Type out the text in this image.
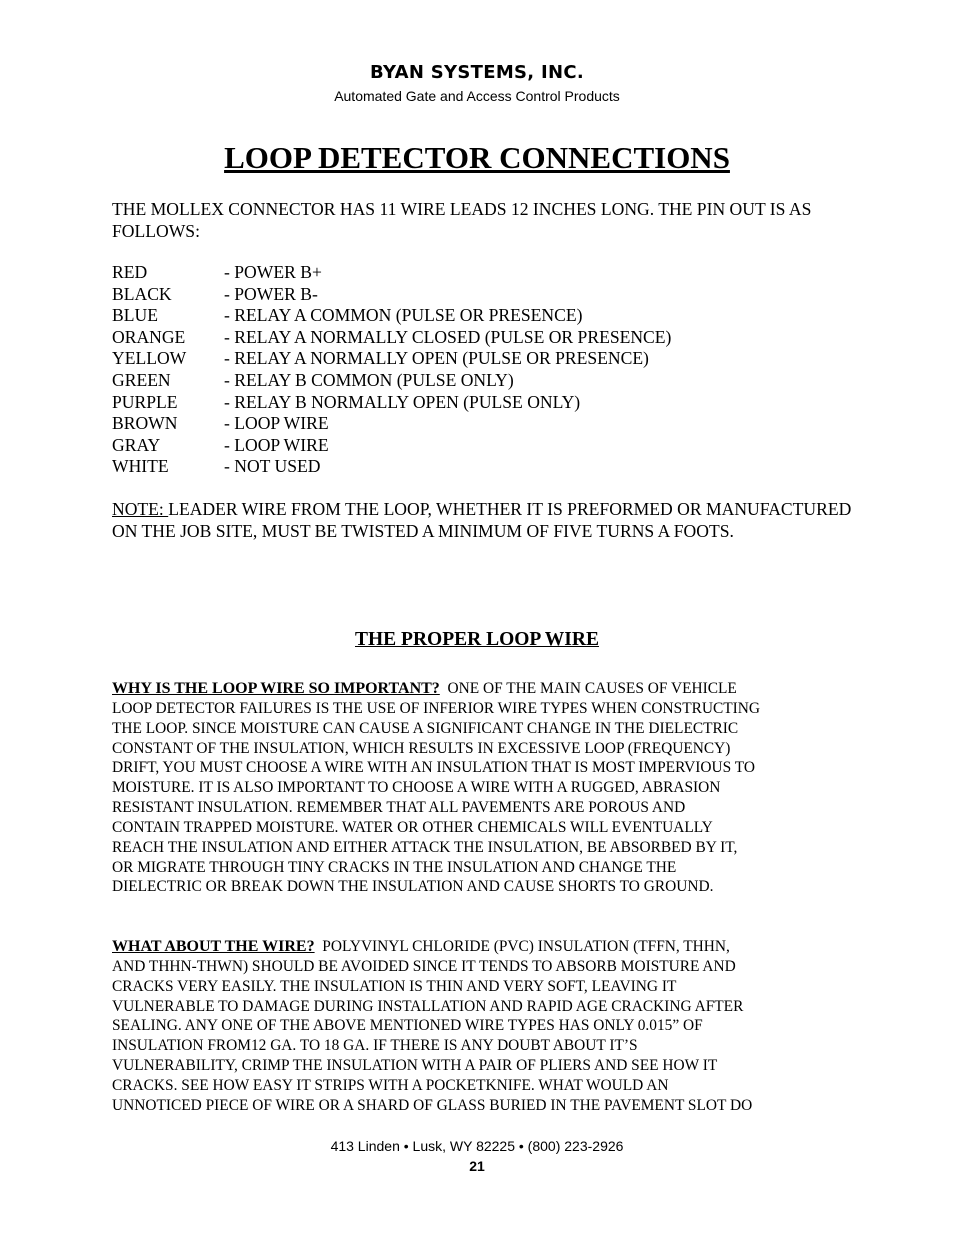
BYAN SYSTEMS, INC.
Automated Gate and Access Control Products
LOOP DETECTOR CONNECTIONS
THE MOLLEX CONNECTOR HAS 11 WIRE LEADS 12 INCHES LONG. THE PIN OUT IS AS FOLLOWS:
RED	- POWER B+
BLACK	- POWER B-
BLUE	- RELAY A COMMON (PULSE OR PRESENCE)
ORANGE	- RELAY A NORMALLY CLOSED (PULSE OR PRESENCE)
YELLOW	- RELAY A NORMALLY OPEN (PULSE OR PRESENCE)
GREEN	- RELAY B COMMON (PULSE ONLY)
PURPLE	- RELAY B NORMALLY OPEN (PULSE ONLY)
BROWN	- LOOP WIRE
GRAY	- LOOP WIRE
WHITE	- NOT USED
NOTE: LEADER WIRE FROM THE LOOP, WHETHER IT IS PREFORMED OR MANUFACTURED ON THE JOB SITE, MUST BE TWISTED A MINIMUM OF FIVE TURNS A FOOTS.
THE PROPER LOOP WIRE
WHY IS THE LOOP WIRE SO IMPORTANT? ONE OF THE MAIN CAUSES OF VEHICLE
LOOP DETECTOR FAILURES IS THE USE OF INFERIOR WIRE TYPES WHEN CONSTRUCTING
THE LOOP. SINCE MOISTURE CAN CAUSE A SIGNIFICANT CHANGE IN THE DIELECTRIC
CONSTANT OF THE INSULATION, WHICH RESULTS IN EXCESSIVE LOOP (FREQUENCY)
DRIFT, YOU MUST CHOOSE A WIRE WITH AN INSULATION THAT IS MOST IMPERVIOUS TO
MOISTURE. IT IS ALSO IMPORTANT TO CHOOSE A WIRE WITH A RUGGED, ABRASION
RESISTANT INSULATION. REMEMBER THAT ALL PAVEMENTS ARE POROUS AND
CONTAIN TRAPPED MOISTURE. WATER OR OTHER CHEMICALS WILL EVENTUALLY
REACH THE INSULATION AND EITHER ATTACK THE INSULATION, BE ABSORBED BY IT,
OR MIGRATE THROUGH TINY CRACKS IN THE INSULATION AND CHANGE THE
DIELECTRIC OR BREAK DOWN THE INSULATION AND CAUSE SHORTS TO GROUND.
WHAT ABOUT THE WIRE? POLYVINYL CHLORIDE (PVC) INSULATION (TFFN, THHN,
AND THHN-THWN) SHOULD BE AVOIDED SINCE IT TENDS TO ABSORB MOISTURE AND
CRACKS VERY EASILY. THE INSULATION IS THIN AND VERY SOFT, LEAVING IT
VULNERABLE TO DAMAGE DURING INSTALLATION AND RAPID AGE CRACKING AFTER
SEALING. ANY ONE OF THE ABOVE MENTIONED WIRE TYPES HAS ONLY 0.015” OF
INSULATION FROM12 GA. TO 18 GA. IF THERE IS ANY DOUBT ABOUT IT’S
VULNERABILITY, CRIMP THE INSULATION WITH A PAIR OF PLIERS AND SEE HOW IT
CRACKS. SEE HOW EASY IT STRIPS WITH A POCKETKNIFE. WHAT WOULD AN
UNNOTICED PIECE OF WIRE OR A SHARD OF GLASS BURIED IN THE PAVEMENT SLOT DO
413 Linden • Lusk, WY 82225 • (800) 223-2926
21
